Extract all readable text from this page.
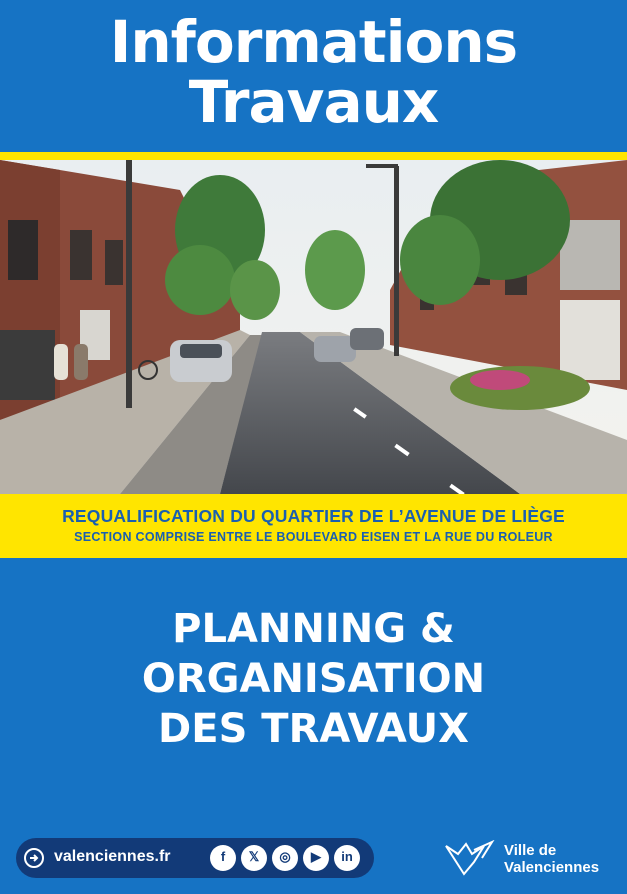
Informations
Travaux
REQUALIFICATION DU QUARTIER DE L’AVENUE DE LIÈGE
SECTION COMPRISE ENTRE LE BOULEVARD EISEN ET LA RUE DU ROLEUR
PLANNING &
ORGANISATION
DES TRAVAUX
valenciennes.fr	f	𝕏	◎	▶	in	Ville de
Valenciennes
